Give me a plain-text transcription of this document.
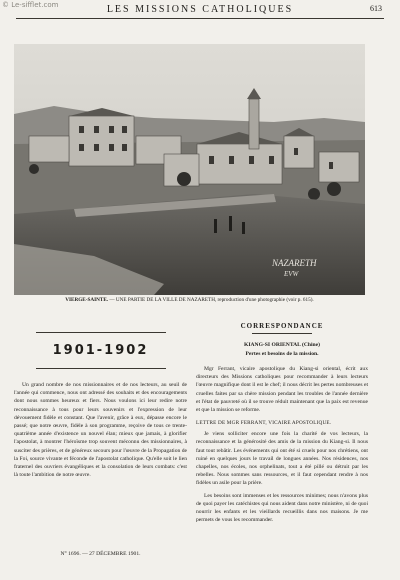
© Le-sifflet.com	LES MISSIONS CATHOLIQUES	613
NAZARETH
EVW
VIERGE-SAINTE. — UNE PARTIE DE LA VILLE DE NAZARETH, reproduction d'une photographie (voir p. 615).
1901-1902

Un grand nombre de nos missionnaires et de nos lecteurs, au seuil de l'année qui commence, nous ont adressé des souhaits et des encouragements dont nous sommes heureux et fiers. Nous voulons ici leur redire notre reconnaissance à tous pour leurs souvenirs et l'expression de leur dévouement fidèle et constant. Que l'avenir, grâce à eux, dépasse encore le passé; que notre œuvre, fidèle à son programme, reçoive de tous ce trente-quatrième année d'existence un nouvel élan; mieux que jamais, à glorifier l'apostolat, à montrer l'héroïsme trop souvent méconnu des missionnaires, à susciter des prières, et de généreux secours pour l'œuvre de la Propagation de la Foi, source vivante et féconde de l'apostolat catholique. Qu'elle soit le lien fraternel des ouvriers évangéliques et la consolation de leurs combats: c'est là toute l'ambition de notre œuvre.

N° 1696. — 27 DÉCEMBRE 1901.
CORRESPONDANCE
KIANG-SI ORIENTAL (Chine)
Pertes et besoins de la mission.

Mgr Ferrant, vicaire apostolique du Kiang-si oriental, écrit aux directeurs des Missions catholiques pour recommander à leurs lecteurs l'œuvre magnifique dont il est le chef; il nous décrit les pertes nombreuses et cruelles faites par sa chère mission pendant les troubles de l'année dernière et l'état de pauvreté où il se trouve réduit maintenant que la paix est revenue et que la mission se reforme.

LETTRE DE MGR FERRANT, VICAIRE APOSTOLIQUE.

Je viens solliciter encore une fois la charité de vos lecteurs, la reconnaissance et la générosité des amis de la mission du Kiang-si. Il nous faut tout rebâtir. Les événements qui ont été si cruels pour nos chrétiens, ont ruiné en quelques jours le travail de longues années. Nos résidences, nos chapelles, nos écoles, nos orphelinats, tout a été pillé ou détruit par les rebelles. Nous sommes sans ressources, et il faut cependant rendre à nos fidèles un asile pour la prière.

Les besoins sont immenses et les ressources minimes; nous n'avons plus de quoi payer les catéchistes qui nous aident dans notre ministère, ni de quoi nourrir les enfants et les vieillards recueillis dans nos maisons. Je me permets de vous les recommander.
